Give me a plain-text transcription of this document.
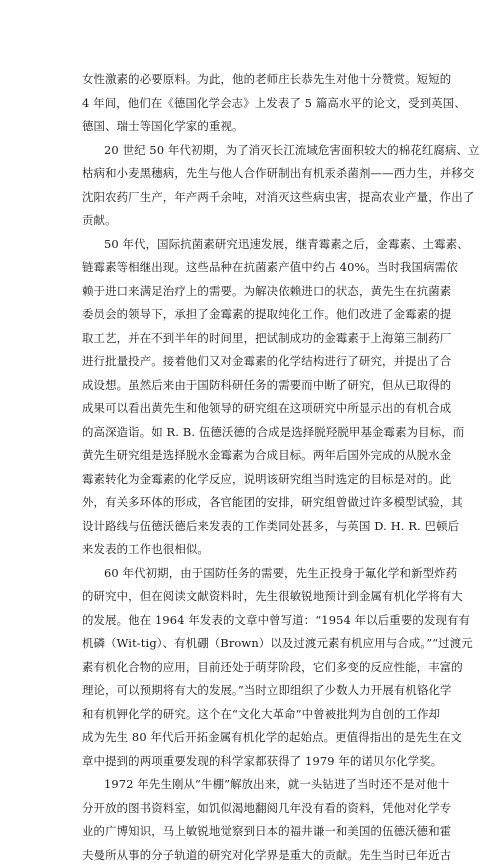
女性激素的必要原料。为此，他的老师庄长恭先生对他十分赞赏。短短的
4 年间，他们在《德国化学会志》上发表了 5 篇高水平的论文，受到英国、
德国、瑞士等国化学家的重视。
20 世纪 50 年代初期，为了消灭长江流域危害面积较大的棉花红腐病、立
枯病和小麦黑穗病，先生与他人合作研制出有机汞杀菌剂——西力生，并移交
沈阳农药厂生产，年产两千余吨，对消灭这些病虫害，提高农业产量，作出了
贡献。
50 年代，国际抗菌素研究迅速发展，继青霉素之后，金霉素、土霉素、
链霉素等相继出现。这些品种在抗菌素产值中约占 40%。当时我国病需依
赖于进口来满足治疗上的需要。为解决依赖进口的状态，黄先生在抗菌素
委员会的领导下，承担了金霉素的提取纯化工作。他们改进了金霉素的提
取工艺，并在不到半年的时间里，把试制成功的金霉素于上海第三制药厂
进行批量投产。接着他们又对金霉素的化学结构进行了研究，并提出了合
成设想。虽然后来由于国防科研任务的需要而中断了研究，但从已取得的
成果可以看出黄先生和他领导的研究组在这项研究中所显示出的有机合成
的高深造诣。如 R. B. 伍德沃德的合成是选择脱羟脱甲基金霉素为目标，而
黄先生研究组是选择脱水金霉素为合成目标。两年后国外完成的从脱水金
霉素转化为金霉素的化学反应，说明该研究组当时选定的目标是对的。此
外，有关多环体的形成，各官能团的安排，研究组曾做过许多模型试验，其
设计路线与伍德沃德后来发表的工作类同处甚多，与英国 D. H. R. 巴顿后
来发表的工作也很相似。
60 年代初期，由于国防任务的需要，先生正投身于氟化学和新型炸药
的研究中，但在阅读文献资料时，先生很敏锐地预计到金属有机化学将有大
的发展。他在 1964 年发表的文章中曾写道：“1954 年以后重要的发现有有
机磷（Wit-tig）、有机硼（Brown）以及过渡元素有机应用与合成。”“过渡元
素有机化合物的应用，目前还处于萌芽阶段，它们多变的反应性能，丰富的
理论，可以预期将有大的发展。”当时立即组织了少数人力开展有机铬化学
和有机钾化学的研究。这个在“文化大革命”中曾被批判为自创的工作却
成为先生 80 年代后开拓金属有机化学的起始点。更值得指出的是先生在文
章中提到的两项重要发现的科学家都获得了 1979 年的诺贝尔化学奖。
1972 年先生刚从“牛棚”解放出来，就一头钻进了当时还不是对他十
分开放的图书资料室，如饥似渴地翻阅几年没有看的资料，凭他对化学专
业的广博知识，马上敏锐地觉察到日本的福井谦一和美国的伍德沃德和霍
夫曼所从事的分子轨道的研究对化学界是重大的贡献。先生当时已年近古
